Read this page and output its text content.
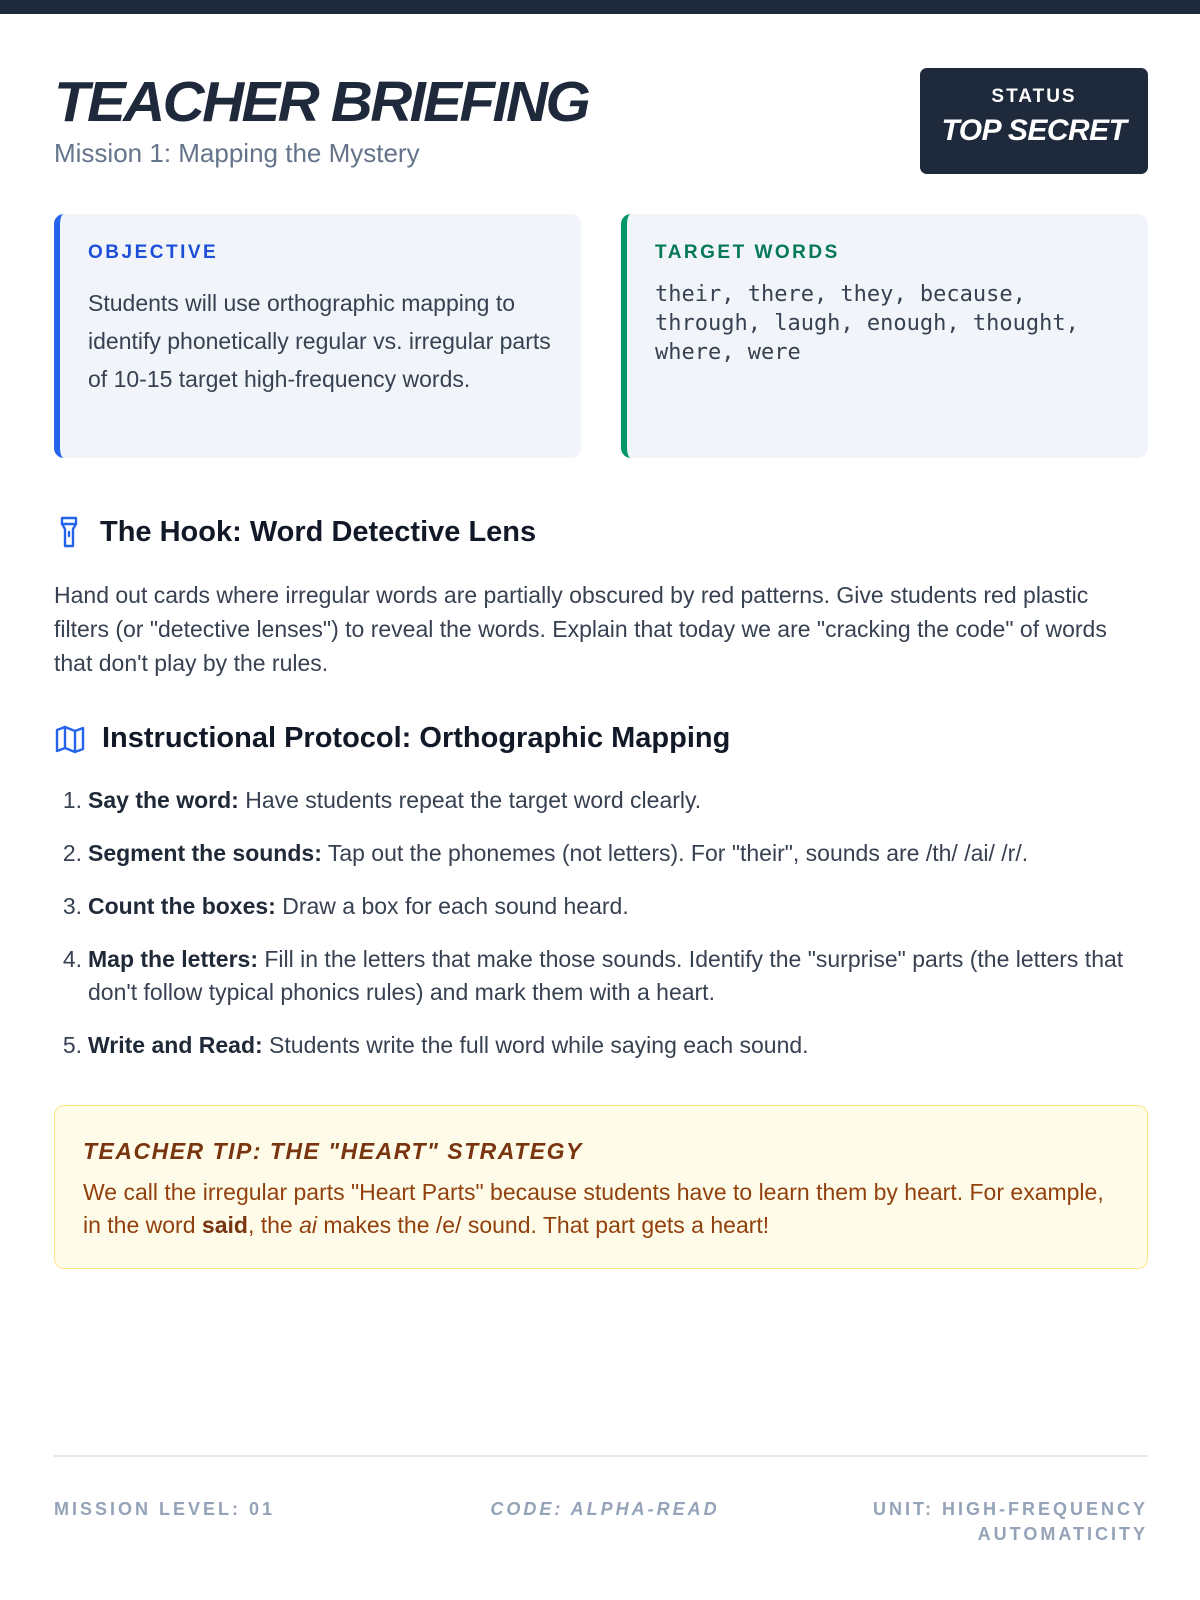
TEACHER BRIEFING
Mission 1: Mapping the Mystery
STATUS
TOP SECRET
OBJECTIVE
Students will use orthographic mapping to identify phonetically regular vs. irregular parts of 10-15 target high-frequency words.
TARGET WORDS
their, there, they, because, through, laugh, enough, thought, where, were
The Hook: Word Detective Lens
Hand out cards where irregular words are partially obscured by red patterns. Give students red plastic filters (or "detective lenses") to reveal the words. Explain that today we are "cracking the code" of words that don't play by the rules.
Instructional Protocol: Orthographic Mapping
1. Say the word: Have students repeat the target word clearly.
2. Segment the sounds: Tap out the phonemes (not letters). For "their", sounds are /th/ /ai/ /r/.
3. Count the boxes: Draw a box for each sound heard.
4. Map the letters: Fill in the letters that make those sounds. Identify the "surprise" parts (the letters that don't follow typical phonics rules) and mark them with a heart.
5. Write and Read: Students write the full word while saying each sound.
TEACHER TIP: THE "HEART" STRATEGY
We call the irregular parts "Heart Parts" because students have to learn them by heart. For example, in the word said, the ai makes the /e/ sound. That part gets a heart!
MISSION LEVEL: 01	CODE: ALPHA-READ	UNIT: HIGH-FREQUENCY AUTOMATICITY
